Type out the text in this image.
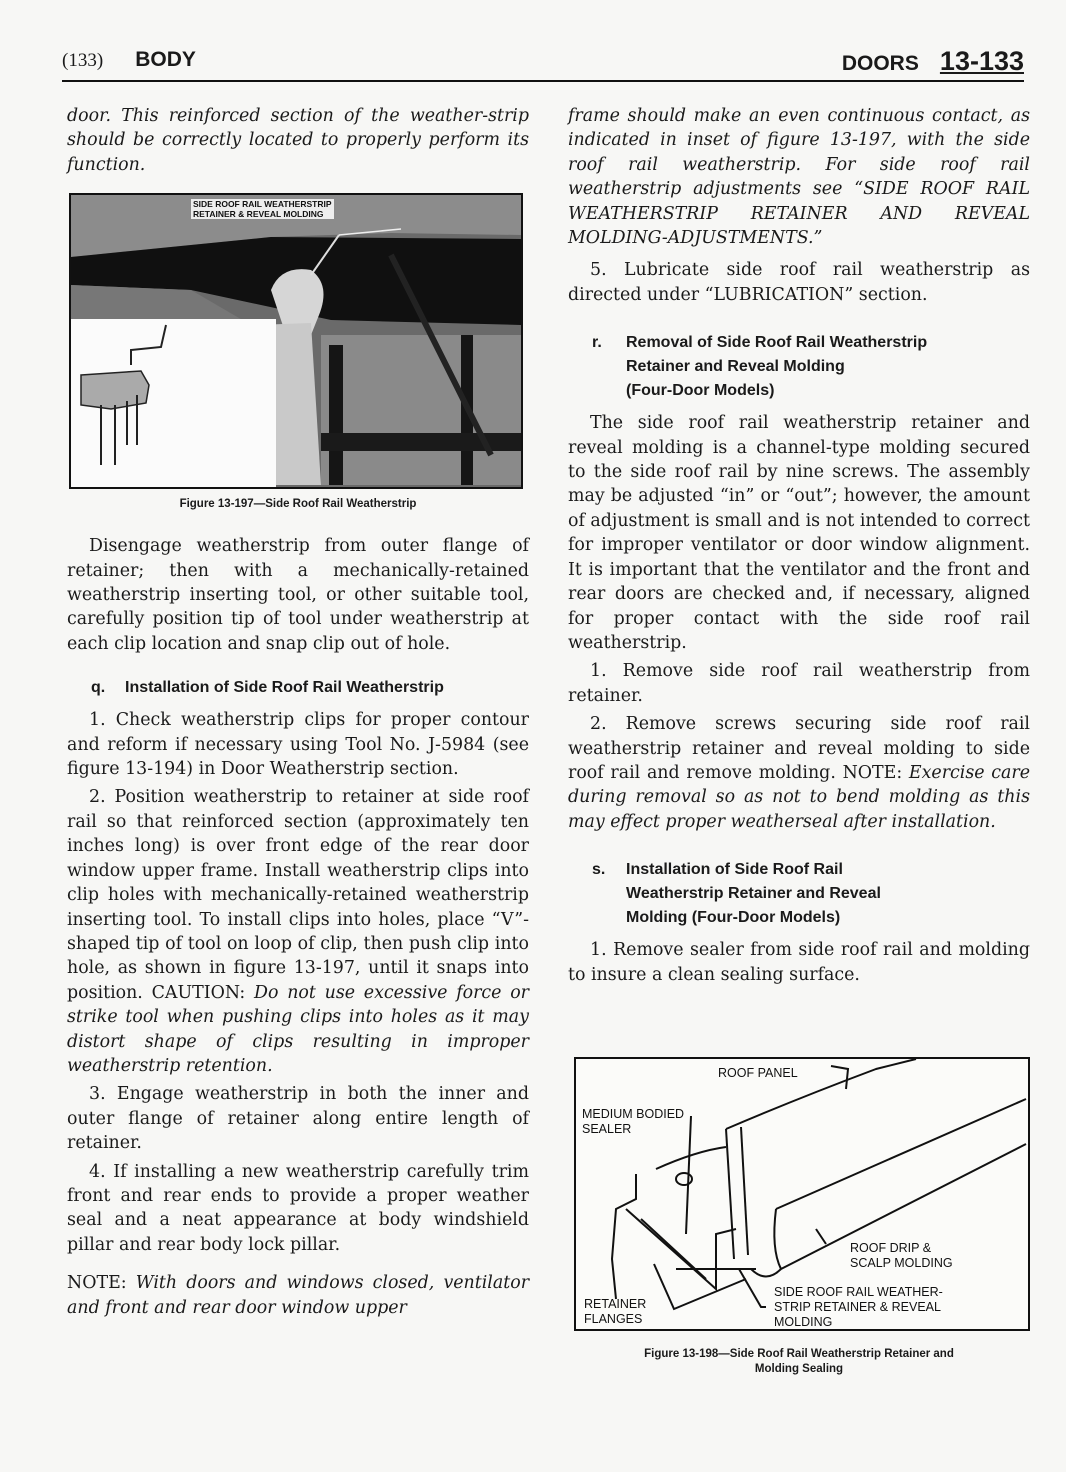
(133) BODY	DOORS 13-133

door. This reinforced section of the weather-strip should be correctly located to properly perform its function.

SIDE ROOF RAIL WEATHERSTRIP
RETAINER & REVEAL MOLDING
Figure 13-197—Side Roof Rail Weatherstrip

Disengage weatherstrip from outer flange of retainer; then with a mechanically-retained weatherstrip inserting tool, or other suitable tool, carefully position tip of tool under weatherstrip at each clip location and snap clip out of hole.

q. Installation of Side Roof Rail Weatherstrip

1. Check weatherstrip clips for proper contour and reform if necessary using Tool No. J-5984 (see figure 13-194) in Door Weatherstrip section.

2. Position weatherstrip to retainer at side roof rail so that reinforced section (approximately ten inches long) is over front edge of the rear door window upper frame. Install weatherstrip clips into clip holes with mechanically-retained weatherstrip inserting tool. To install clips into holes, place “V”-shaped tip of tool on loop of clip, then push clip into hole, as shown in figure 13-197, until it snaps into position. CAUTION: Do not use excessive force or strike tool when pushing clips into holes as it may distort shape of clips resulting in improper weatherstrip retention.

3. Engage weatherstrip in both the inner and outer flange of retainer along entire length of retainer.

4. If installing a new weatherstrip carefully trim front and rear ends to provide a proper weather seal and a neat appearance at body windshield pillar and rear body lock pillar.

NOTE: With doors and windows closed, ventilator and front and rear door window upper

frame should make an even continuous contact, as indicated in inset of figure 13-197, with the side roof rail weatherstrip. For side roof rail weatherstrip adjustments see “SIDE ROOF RAIL WEATHERSTRIP RETAINER AND REVEAL MOLDING-ADJUSTMENTS.”

5. Lubricate side roof rail weatherstrip as directed under “LUBRICATION” section.

r. Removal of Side Roof Rail Weatherstrip
Retainer and Reveal Molding
(Four-Door Models)

The side roof rail weatherstrip retainer and reveal molding is a channel-type molding secured to the side roof rail by nine screws. The assembly may be adjusted “in” or “out”; however, the amount of adjustment is small and is not intended to correct for improper ventilator or door window alignment. It is important that the ventilator and the front and rear doors are checked and, if necessary, aligned for proper contact with the side roof rail weatherstrip.

1. Remove side roof rail weatherstrip from retainer.

2. Remove screws securing side roof rail weatherstrip retainer and reveal molding to side roof rail and remove molding. NOTE: Exercise care during removal so as not to bend molding as this may effect proper weatherseal after installation.

s. Installation of Side Roof Rail
Weatherstrip Retainer and Reveal
Molding (Four-Door Models)

1. Remove sealer from side roof rail and molding to insure a clean sealing surface.

ROOF PANEL
MEDIUM BODIED
SEALER
ROOF DRIP &
SCALP MOLDING
RETAINER
FLANGES
SIDE ROOF RAIL WEATHER-
STRIP RETAINER & REVEAL
MOLDING
Figure 13-198—Side Roof Rail Weatherstrip Retainer and
Molding Sealing
